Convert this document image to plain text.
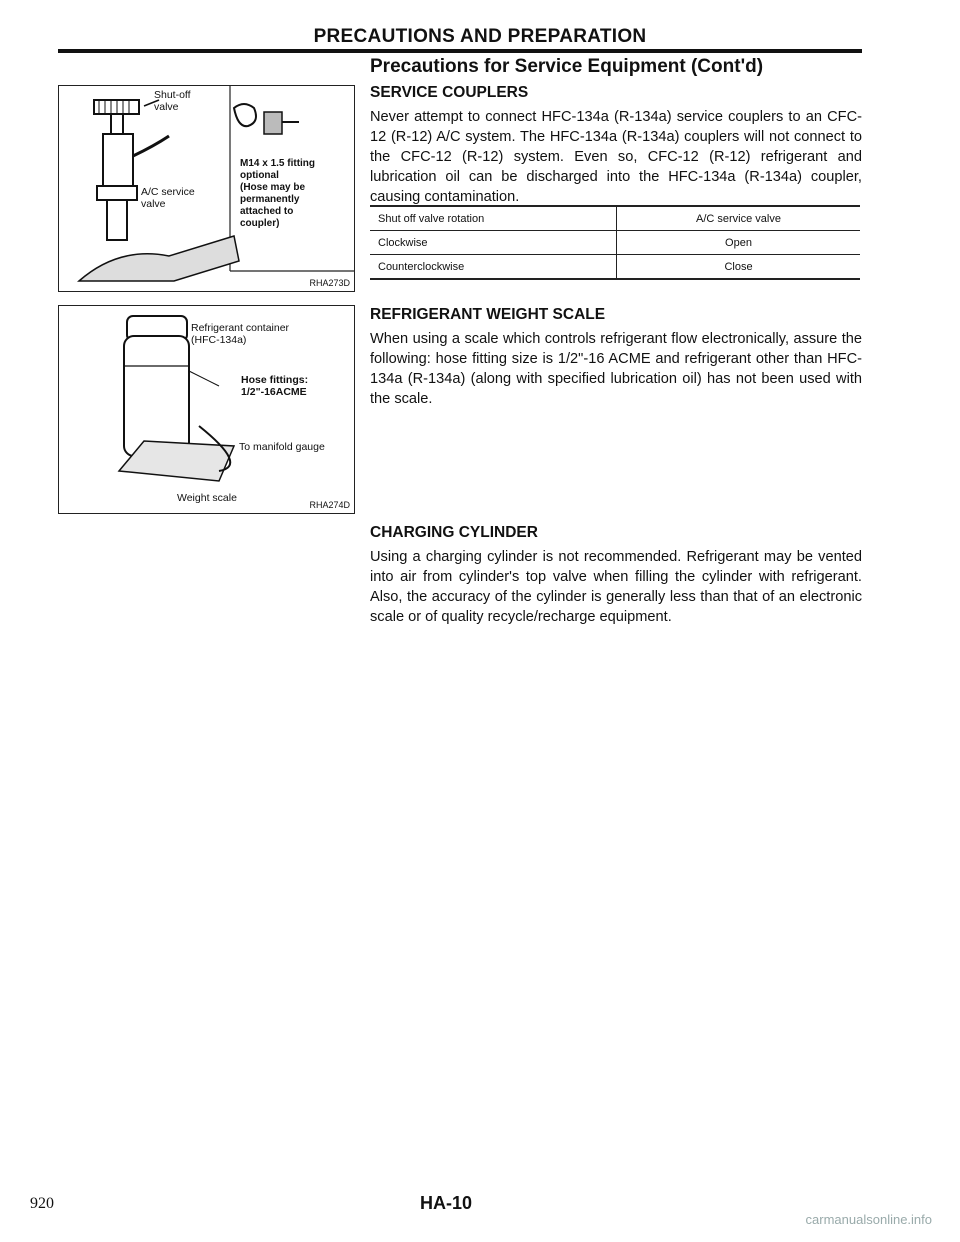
PRECAUTIONS AND PREPARATION
Shut-off
valve
A/C service
valve
M14 x 1.5 fitting
optional
(Hose may be
permanently
attached to
coupler)
RHA273D
Refrigerant container
(HFC-134a)
Hose fittings:
1/2"-16ACME
To manifold gauge
Weight scale
RHA274D
Precautions for Service Equipment (Cont'd)
SERVICE COUPLERS
Never attempt to connect HFC-134a (R-134a) service couplers to an CFC-12 (R-12) A/C system. The HFC-134a (R-134a) couplers will not connect to the CFC-12 (R-12) system. Even so, CFC-12 (R-12) refrigerant and lubrication oil can be discharged into the HFC-134a (R-134a) coupler, causing contamination.
Shut off valve rotation	A/C service valve
Clockwise	Open
Counterclockwise	Close
REFRIGERANT WEIGHT SCALE
When using a scale which controls refrigerant flow electronically, assure the following: hose fitting size is 1/2"-16 ACME and refrigerant other than HFC-134a (R-134a) (along with specified lubrication oil) has not been used with the scale.
CHARGING CYLINDER
Using a charging cylinder is not recommended. Refrigerant may be vented into air from cylinder's top valve when filling the cylinder with refrigerant. Also, the accuracy of the cylinder is generally less than that of an electronic scale or of quality recycle/recharge equipment.
920	HA-10
carmanualsonline.info
